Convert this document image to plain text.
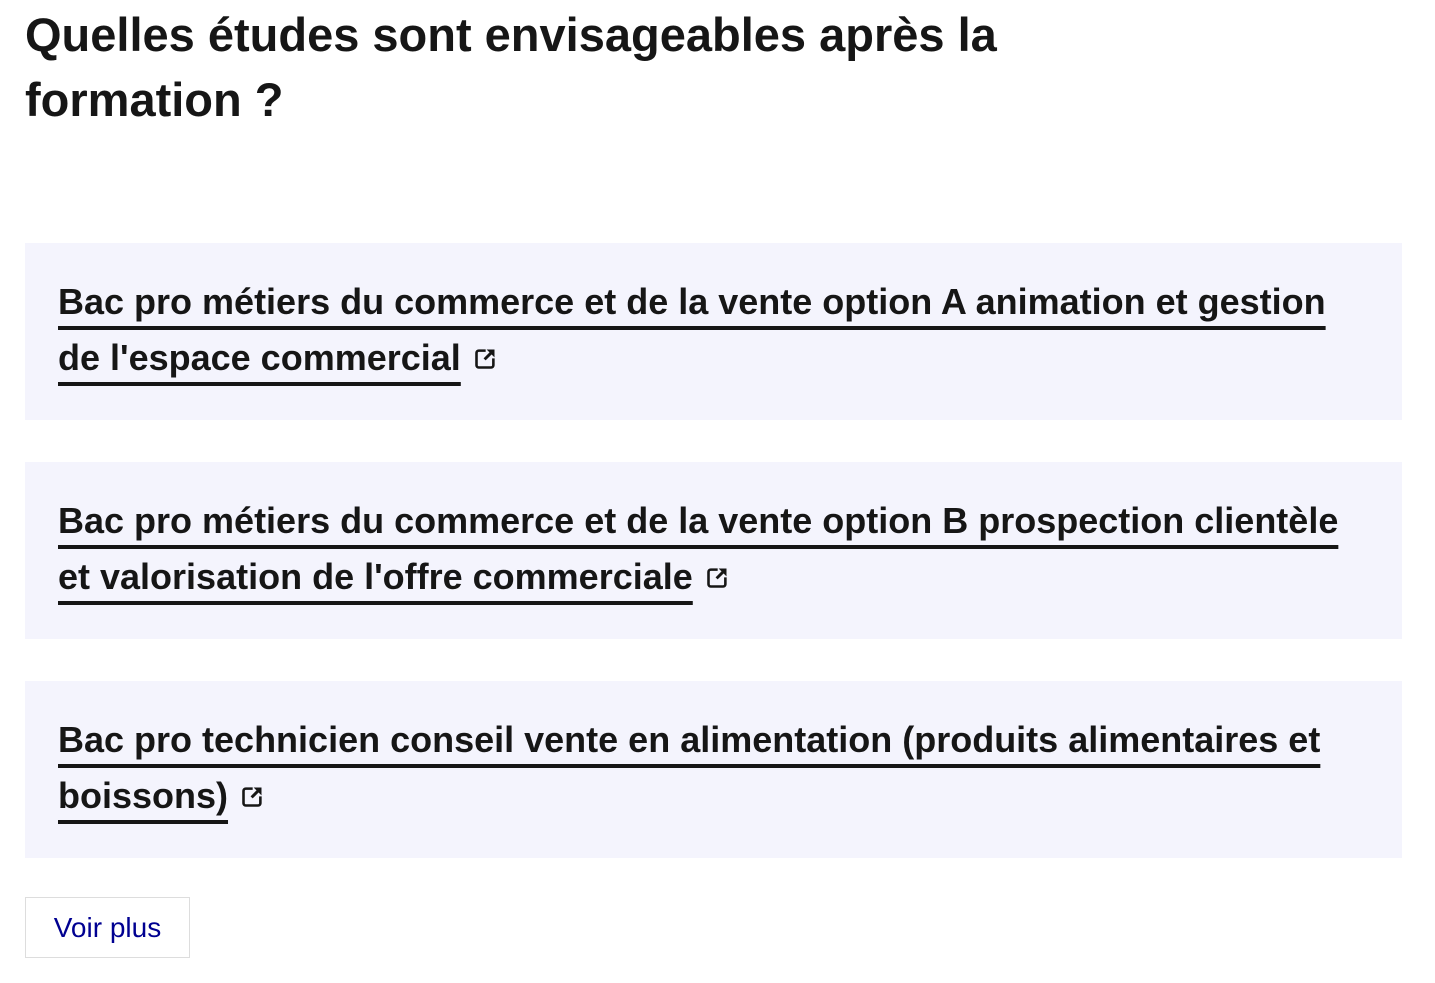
Quelles études sont envisageables après la formation ?
Bac pro métiers du commerce et de la vente option A animation et gestion de l'espace commercial
Bac pro métiers du commerce et de la vente option B prospection clientèle et valorisation de l'offre commerciale
Bac pro technicien conseil vente en alimentation (produits alimentaires et boissons)
Voir plus
